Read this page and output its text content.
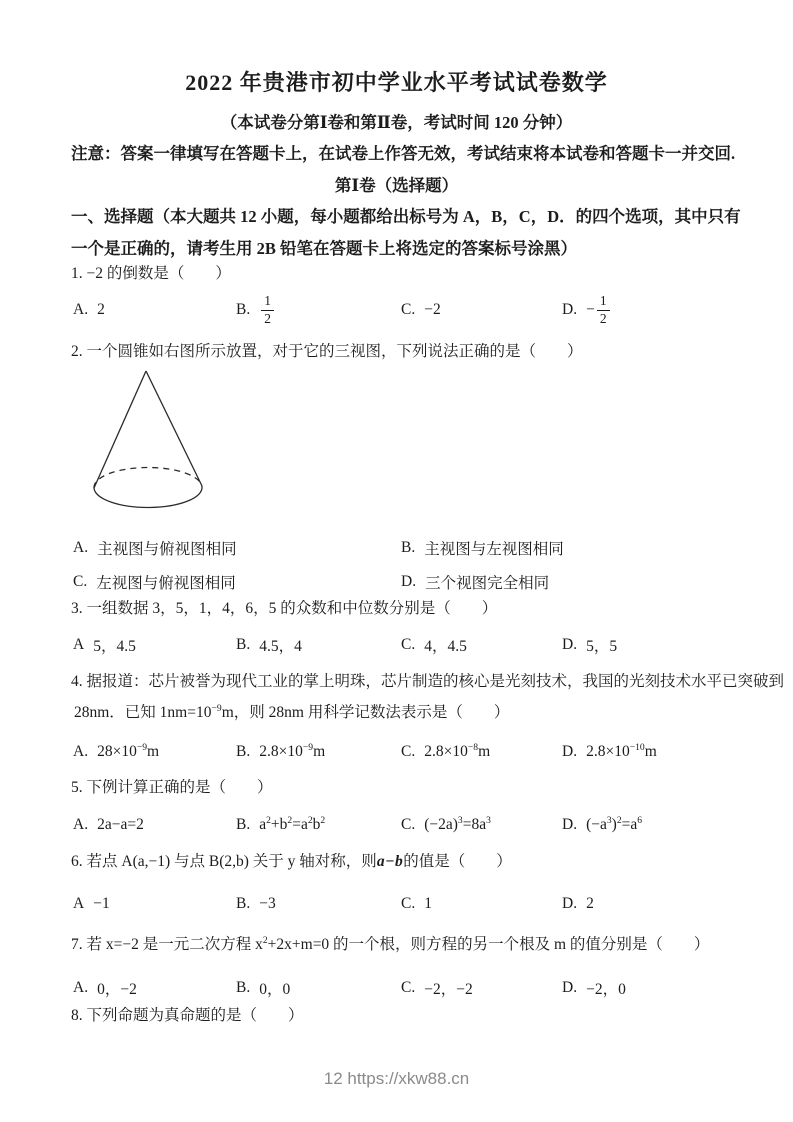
2022 年贵港市初中学业水平考试试卷数学
（本试卷分第Ⅰ卷和第Ⅱ卷，考试时间 120 分钟）
注意：答案一律填写在答题卡上，在试卷上作答无效，考试结束将本试卷和答题卡一并交回.
第Ⅰ卷（选择题）
一、选择题（本大题共 12 小题，每小题都给出标号为 A，B，C，D．的四个选项，其中只有
一个是正确的，请考生用 2B 铅笔在答题卡上将选定的答案标号涂黑）
1. −2 的倒数是（　　）
A. 2	B. $\frac{1}{2}$	C. −2	D. − $\frac{1}{2}$
2. 一个圆锥如右图所示放置，对于它的三视图，下列说法正确的是（　　）
A. 主视图与俯视图相同	B. 主视图与左视图相同
C. 左视图与俯视图相同	D. 三个视图完全相同
3. 一组数据 3，5，1，4，6，5 的众数和中位数分别是（　　）
A 5，4.5	B. 4.5，4	C. 4，4.5	D. 5，5
4. 据报道：芯片被誉为现代工业的掌上明珠，芯片制造的核心是光刻技术，我国的光刻技术水平已突破到
28nm．已知 $1nm=10^{-9}m$，则 28nm 用科学记数法表示是（　　）
A. $28\times 10^{-9}m$	B. $2.8\times 10^{-9}m$	C. $2.8\times 10^{-8}m$	D. $2.8\times 10^{-10}m$
5. 下例计算正确的是（　　）
A. 2a−a=2	B. $a^2+b^2=a^2b^2$	C. $(-2a)^3=8a^3$	D. $(-a^3)^2=a^6$
6. 若点 A(a,−1) 与点 B(2,b) 关于 y 轴对称，则a−b的值是（　　）
A −1	B. −3	C. 1	D. 2
7. 若 x=−2 是一元二次方程 $x^2+2x+m=0$ 的一个根，则方程的另一个根及 m 的值分别是（　　）
A. 0，−2	B. 0，0	C. −2，−2	D. −2，0
8. 下列命题为真命题的是（　　）
12 https://xkw88.cn
